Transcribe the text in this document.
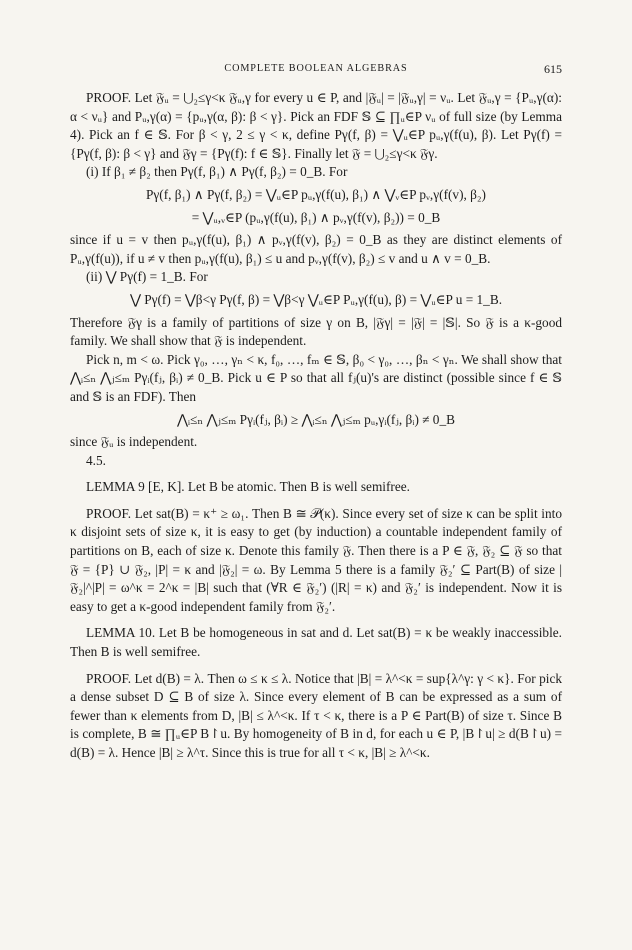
COMPLETE BOOLEAN ALGEBRAS	615

PROOF. Let 𝔉ᵤ = ⋃₂≤γ<κ 𝔉ᵤ,γ for every u ∈ P, and |𝔉ᵤ| = |𝔉ᵤ,γ| = νᵤ. Let 𝔉ᵤ,γ = {Pᵤ,γ(α): α < νᵤ} and Pᵤ,γ(α) = {pᵤ,γ(α, β): β < γ}. Pick an FDF 𝕊 ⊆ ∏ᵤ∈P νᵤ of full size (by Lemma 4). Pick an f ∈ 𝕊. For β < γ, 2 ≤ γ < κ, define Pγ(f, β) = ⋁ᵤ∈P pᵤ,γ(f(u), β). Let Pγ(f) = {Pγ(f, β): β < γ} and 𝔉γ = {Pγ(f): f ∈ 𝕊}. Finally let 𝔉 = ⋃₂≤γ<κ 𝔉γ.

(i) If β₁ ≠ β₂ then Pγ(f, β₁) ∧ Pγ(f, β₂) = 0_B. For

Pγ(f, β₁) ∧ Pγ(f, β₂) = ⋁ᵤ∈P pᵤ,γ(f(u), β₁) ∧ ⋁ᵥ∈P pᵥ,γ(f(v), β₂)
= ⋁ᵤ,ᵥ∈P (pᵤ,γ(f(u), β₁) ∧ pᵥ,γ(f(v), β₂)) = 0_B

since if u = v then pᵤ,γ(f(u), β₁) ∧ pᵥ,γ(f(v), β₂) = 0_B as they are distinct elements of Pᵤ,γ(f(u)), if u ≠ v then pᵤ,γ(f(u), β₁) ≤ u and pᵥ,γ(f(v), β₂) ≤ v and u ∧ v = 0_B.

(ii) ⋁ Pγ(f) = 1_B. For

⋁ Pγ(f) = ⋁β<γ Pγ(f, β) = ⋁β<γ ⋁ᵤ∈P Pᵤ,γ(f(u), β) = ⋁ᵤ∈P u = 1_B.

Therefore 𝔉γ is a family of partitions of size γ on B, |𝔉γ| = |𝔉| = |𝕊|. So 𝔉 is a κ-good family. We shall show that 𝔉 is independent.

Pick n, m < ω. Pick γ₀, …, γₙ < κ, f₀, …, fₘ ∈ 𝕊, β₀ < γ₀, …, βₙ < γₙ. We shall show that ⋀ᵢ≤ₙ ⋀ⱼ≤ₘ Pγᵢ(fⱼ, βᵢ) ≠ 0_B. Pick u ∈ P so that all fⱼ(u)'s are distinct (possible since f ∈ 𝕊 and 𝕊 is an FDF). Then

⋀ᵢ≤ₙ ⋀ⱼ≤ₘ Pγᵢ(fⱼ, βᵢ) ≥ ⋀ᵢ≤ₙ ⋀ⱼ≤ₘ pᵤ,γᵢ(fⱼ, βᵢ) ≠ 0_B

since 𝔉ᵤ is independent.

4.5.

LEMMA 9 [E, K]. Let B be atomic. Then B is well semifree.

PROOF. Let sat(B) = κ⁺ ≥ ω₁. Then B ≅ 𝒫(κ). Since every set of size κ can be split into κ disjoint sets of size κ, it is easy to get (by induction) a countable independent family of partitions on B, each of size κ. Denote this family 𝔉. Then there is a P ∈ 𝔉, 𝔉₂ ⊆ 𝔉 so that 𝔉 = {P} ∪ 𝔉₂, |P| = κ and |𝔉₂| = ω. By Lemma 5 there is a family 𝔉₂′ ⊆ Part(B) of size |𝔉₂|^|P| = ω^κ = 2^κ = |B| such that (∀R ∈ 𝔉₂′) (|R| = κ) and 𝔉₂′ is independent. Now it is easy to get a κ-good independent family from 𝔉₂′.

LEMMA 10. Let B be homogeneous in sat and d. Let sat(B) = κ be weakly inaccessible. Then B is well semifree.

PROOF. Let d(B) = λ. Then ω ≤ κ ≤ λ. Notice that |B| = λ^<κ = sup{λ^γ: γ < κ}. For pick a dense subset D ⊆ B of size λ. Since every element of B can be expressed as a sum of fewer than κ elements from D, |B| ≤ λ^<κ. If τ < κ, there is a P ∈ Part(B) of size τ. Since B is complete, B ≅ ∏ᵤ∈P B↾u. By homogeneity of B in d, for each u ∈ P, |B↾u| ≥ d(B↾u) = d(B) = λ. Hence |B| ≥ λ^τ. Since this is true for all τ < κ, |B| ≥ λ^<κ.
